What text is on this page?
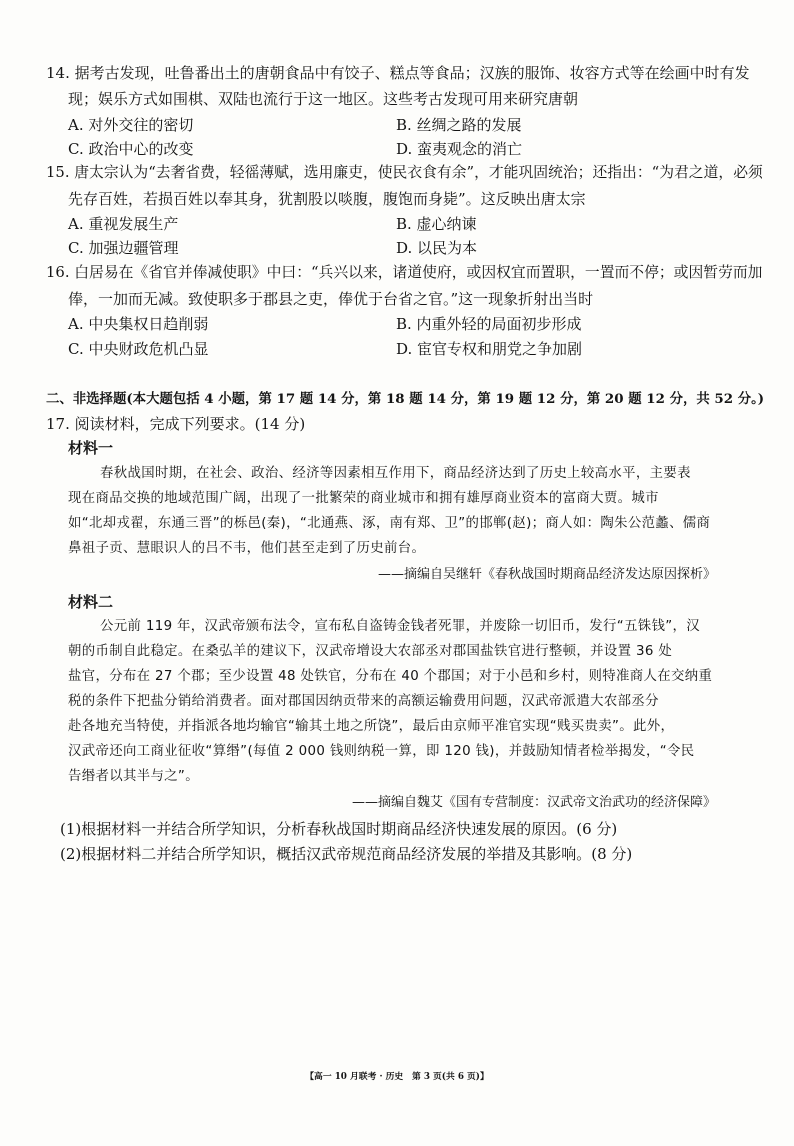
14. 据考古发现，吐鲁番出土的唐朝食品中有饺子、糕点等食品；汉族的服饰、妆容方式等在绘画中时有发
现；娱乐方式如围棋、双陆也流行于这一地区。这些考古发现可用来研究唐朝
A. 对外交往的密切	B. 丝绸之路的发展
C. 政治中心的改变	D. 蛮夷观念的消亡
15. 唐太宗认为“去奢省费，轻徭薄赋，选用廉吏，使民衣食有余”，才能巩固统治；还指出：“为君之道，必须
先存百姓，若损百姓以奉其身，犹割股以啖腹，腹饱而身毙”。这反映出唐太宗
A. 重视发展生产	B. 虚心纳谏
C. 加强边疆管理	D. 以民为本
16. 白居易在《省官并俸减使职》中曰：“兵兴以来，诸道使府，或因权宜而置职，一置而不停；或因暂劳而加
俸，一加而无减。致使职多于郡县之吏，俸优于台省之官。”这一现象折射出当时
A. 中央集权日趋削弱	B. 内重外轻的局面初步形成
C. 中央财政危机凸显	D. 宦官专权和朋党之争加剧
二、非选择题(本大题包括 4 小题，第 17 题 14 分，第 18 题 14 分，第 19 题 12 分，第 20 题 12 分，共 52 分。)
17. 阅读材料，完成下列要求。(14 分)
材料一
春秋战国时期，在社会、政治、经济等因素相互作用下，商品经济达到了历史上较高水平，主要表
现在商品交换的地域范围广阔，出现了一批繁荣的商业城市和拥有雄厚商业资本的富商大贾。城市
如“北却戎翟，东通三晋”的栎邑(秦)，“北通燕、涿，南有郑、卫”的邯郸(赵)；商人如：陶朱公范蠡、儒商
鼻祖子贡、慧眼识人的吕不韦，他们甚至走到了历史前台。
——摘编自吴继轩《春秋战国时期商品经济发达原因探析》
材料二
公元前 119 年，汉武帝颁布法令，宣布私自盗铸金钱者死罪，并废除一切旧币，发行“五铢钱”，汉
朝的币制自此稳定。在桑弘羊的建议下，汉武帝增设大农部丞对郡国盐铁官进行整顿，并设置 36 处
盐官，分布在 27 个郡；至少设置 48 处铁官，分布在 40 个郡国；对于小邑和乡村，则特准商人在交纳重
税的条件下把盐分销给消费者。面对郡国因纳贡带来的高额运输费用问题，汉武帝派遣大农部丞分
赴各地充当特使，并指派各地均输官“输其土地之所饶”，最后由京师平准官实现“贱买贵卖”。此外，
汉武帝还向工商业征收“算缗”(每值 2 000 钱则纳税一算，即 120 钱)，并鼓励知情者检举揭发，“令民
告缗者以其半与之”。
——摘编自魏艾《国有专营制度：汉武帝文治武功的经济保障》
(1)根据材料一并结合所学知识，分析春秋战国时期商品经济快速发展的原因。(6 分)
(2)根据材料二并结合所学知识，概括汉武帝规范商品经济发展的举措及其影响。(8 分)
【高一 10 月联考 · 历史　第 3 页(共 6 页)】
